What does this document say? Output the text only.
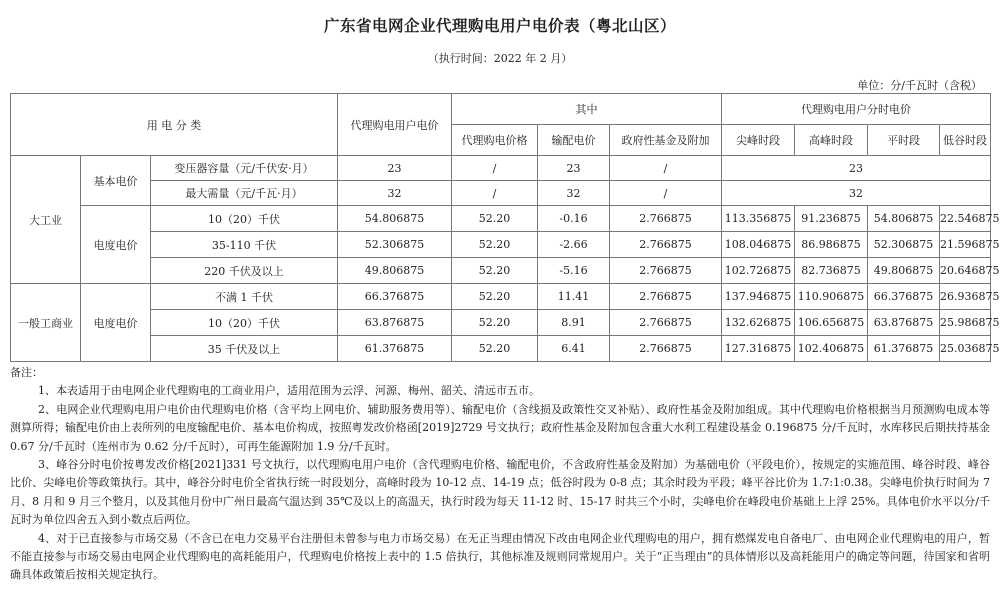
广东省电网企业代理购电用户电价表（粤北山区）
（执行时间：2022 年 2 月）
单位：分/千瓦时（含税）
用 电 分 类			代理购电用户电价	其中			代理购电用户分时电价			
				代理购电价格	输配电价	政府性基金及附加	尖峰时段	高峰时段	平时段	低谷时段
大工业	基本电价	变压器容量（元/千伏安·月）	23	/	23	/	23			
		最大需量（元/千瓦·月）	32	/	32	/	32			
	电度电价	10（20）千伏	54.806875	52.20	-0.16	2.766875	113.356875	91.236875	54.806875	22.546875
		35-110 千伏	52.306875	52.20	-2.66	2.766875	108.046875	86.986875	52.306875	21.596875
		220 千伏及以上	49.806875	52.20	-5.16	2.766875	102.726875	82.736875	49.806875	20.646875
一般工商业	电度电价	不满 1 千伏	66.376875	52.20	11.41	2.766875	137.946875	110.906875	66.376875	26.936875
		10（20）千伏	63.876875	52.20	8.91	2.766875	132.626875	106.656875	63.876875	25.986875
		35 千伏及以上	61.376875	52.20	6.41	2.766875	127.316875	102.406875	61.376875	25.036875

备注：

1、本表适用于由电网企业代理购电的工商业用户，适用范围为云浮、河源、梅州、韶关、清远市五市。

2、电网企业代理购电用户电价由代理购电价格（含平均上网电价、辅助服务费用等）、输配电价（含线损及政策性交叉补贴）、政府性基金及附加组成。其中代理购电价格根据当月预测购电成本等测算所得；输配电价由上表所列的电度输配电价、基本电价构成，按照粤发改价格函[2019]2729 号文执行；政府性基金及附加包含重大水利工程建设基金 0.196875 分/千瓦时，水库移民后期扶持基金 0.67 分/千瓦时（连州市为 0.62 分/千瓦时），可再生能源附加 1.9 分/千瓦时。

3、峰谷分时电价按粤发改价格[2021]331 号文执行，以代理购电用户电价（含代理购电价格、输配电价，不含政府性基金及附加）为基础电价（平段电价），按规定的实施范围、峰谷时段、峰谷比价、尖峰电价等政策执行。其中，峰谷分时电价全省执行统一时段划分，高峰时段为 10-12 点、14-19 点；低谷时段为 0-8 点；其余时段为平段；峰平谷比价为 1.7:1:0.38。尖峰电价执行时间为 7 月、8 月和 9 月三个整月，以及其他月份中广州日最高气温达到 35℃及以上的高温天，执行时段为每天 11-12 时、15-17 时共三个小时，尖峰电价在峰段电价基础上上浮 25%。具体电价水平以分/千瓦时为单位四舍五入到小数点后两位。

4、对于已直接参与市场交易（不含已在电力交易平台注册但未曾参与电力市场交易）在无正当理由情况下改由电网企业代理购电的用户，拥有燃煤发电自备电厂、由电网企业代理购电的用户，暂不能直接参与市场交易由电网企业代理购电的高耗能用户，代理购电价格按上表中的 1.5 倍执行，其他标准及规则同常规用户。关于“正当理由”的具体情形以及高耗能用户的确定等问题，待国家和省明确具体政策后按相关规定执行。
